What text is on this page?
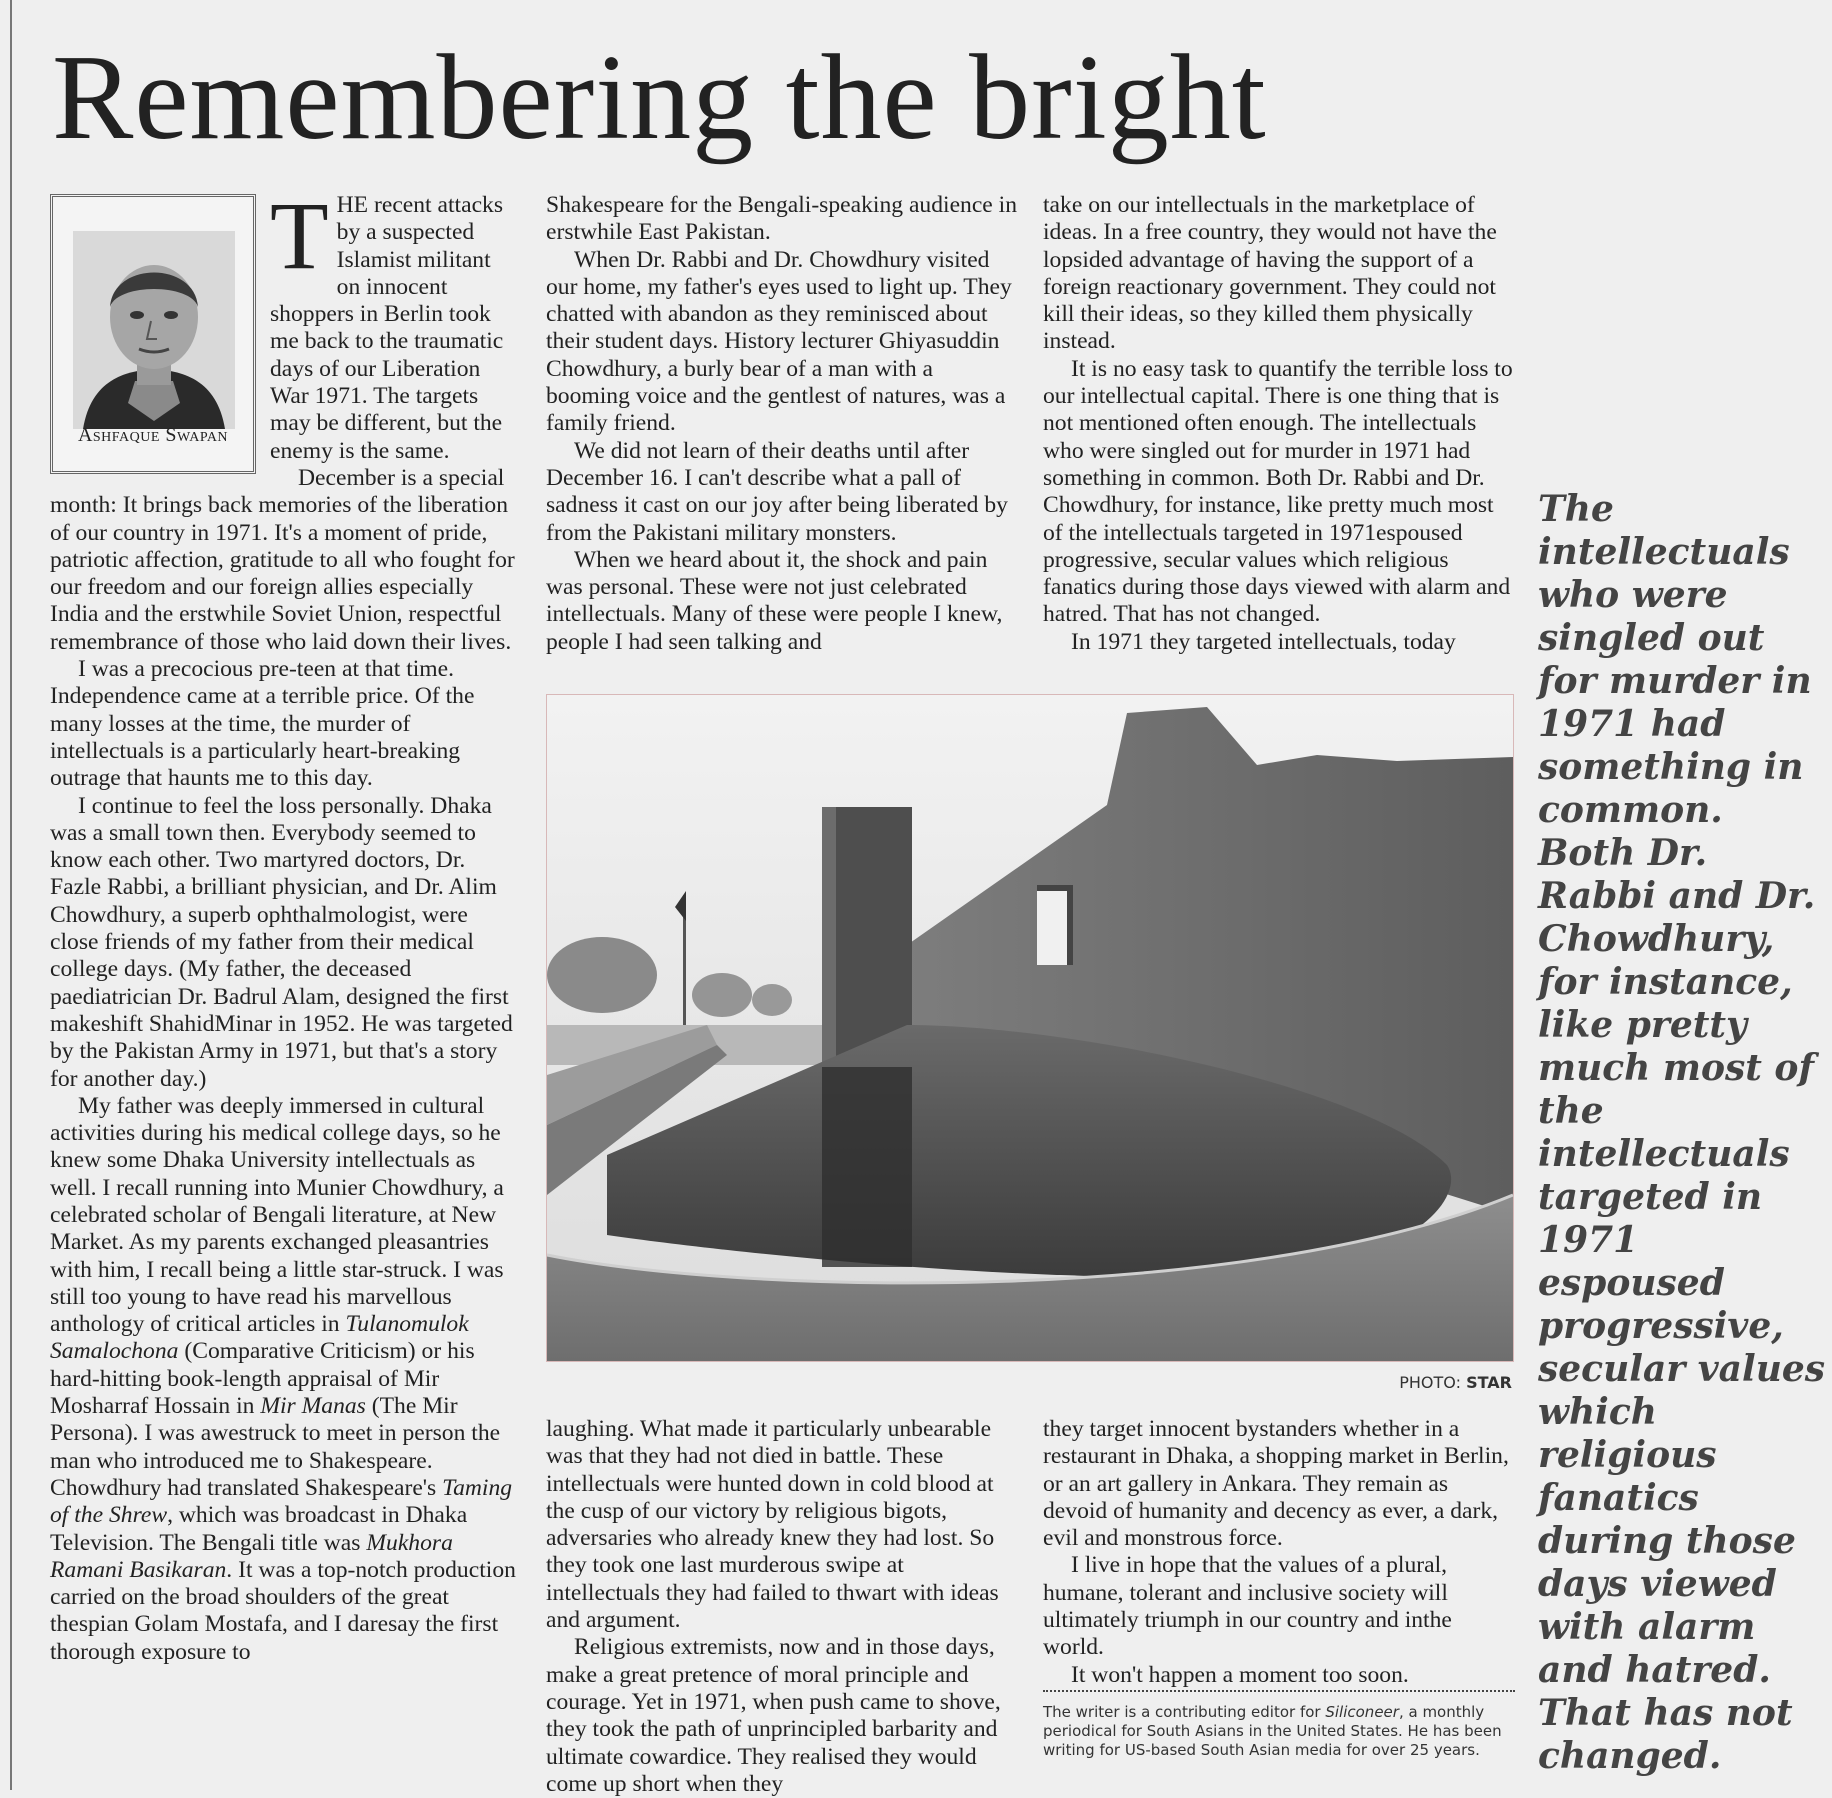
Remembering the bright
Ashfaque Swapan

THE recent attacks by a suspected Islamist militant on innocent shoppers in Berlin took me back to the traumatic days of our Liberation War 1971. The targets may be different, but the enemy is the same.

December is a special month: It brings back memories of the liberation of our country in 1971. It's a moment of pride, patriotic affection, gratitude to all who fought for our freedom and our foreign allies especially India and the erstwhile Soviet Union, respectful remembrance of those who laid down their lives.

I was a precocious pre-teen at that time. Independence came at a terrible price. Of the many losses at the time, the murder of intellectuals is a particularly heart-breaking outrage that haunts me to this day.

I continue to feel the loss personally. Dhaka was a small town then. Everybody seemed to know each other. Two martyred doctors, Dr. Fazle Rabbi, a brilliant physician, and Dr. Alim Chowdhury, a superb ophthalmologist, were close friends of my father from their medical college days. (My father, the deceased paediatrician Dr. Badrul Alam, designed the first makeshift ShahidMinar in 1952. He was targeted by the Pakistan Army in 1971, but that's a story for another day.)

My father was deeply immersed in cultural activities during his medical college days, so he knew some Dhaka University intellectuals as well. I recall running into Munier Chowdhury, a celebrated scholar of Bengali literature, at New Market. As my parents exchanged pleasantries with him, I recall being a little star-struck. I was still too young to have read his marvellous anthology of critical articles in Tulanomulok Samalochona (Comparative Criticism) or his hard-hitting book-length appraisal of Mir Mosharraf Hossain in Mir Manas (The Mir Persona). I was awestruck to meet in person the man who introduced me to Shakespeare. Chowdhury had translated Shakespeare's Taming of the Shrew, which was broadcast in Dhaka Television. The Bengali title was Mukhora Ramani Basikaran. It was a top-notch production carried on the broad shoulders of the great thespian Golam Mostafa, and I daresay the first thorough exposure to

Shakespeare for the Bengali-speaking audience in erstwhile East Pakistan.

When Dr. Rabbi and Dr. Chowdhury visited our home, my father's eyes used to light up. They chatted with abandon as they reminisced about their student days. History lecturer Ghiyasuddin Chowdhury, a burly bear of a man with a booming voice and the gentlest of natures, was a family friend.

We did not learn of their deaths until after December 16. I can't describe what a pall of sadness it cast on our joy after being liberated by from the Pakistani military monsters.

When we heard about it, the shock and pain was personal. These were not just celebrated intellectuals. Many of these were people I knew, people I had seen talking and

take on our intellectuals in the marketplace of ideas. In a free country, they would not have the lopsided advantage of having the support of a foreign reactionary government. They could not kill their ideas, so they killed them physically instead.

It is no easy task to quantify the terrible loss to our intellectual capital. There is one thing that is not mentioned often enough. The intellectuals who were singled out for murder in 1971 had something in common. Both Dr. Rabbi and Dr. Chowdhury, for instance, like pretty much most of the intellectuals targeted in 1971espoused progressive, secular values which religious fanatics during those days viewed with alarm and hatred. That has not changed.

In 1971 they targeted intellectuals, today

PHOTO: STAR

laughing. What made it particularly unbearable was that they had not died in battle. These intellectuals were hunted down in cold blood at the cusp of our victory by religious bigots, adversaries who already knew they had lost. So they took one last murderous swipe at intellectuals they had failed to thwart with ideas and argument.

Religious extremists, now and in those days, make a great pretence of moral principle and courage. Yet in 1971, when push came to shove, they took the path of unprincipled barbarity and ultimate cowardice. They realised they would come up short when they

they target innocent bystanders whether in a restaurant in Dhaka, a shopping market in Berlin, or an art gallery in Ankara. They remain as devoid of humanity and decency as ever, a dark, evil and monstrous force.

I live in hope that the values of a plural, humane, tolerant and inclusive society will ultimately triumph in our country and inthe world.

It won't happen a moment too soon.

The writer is a contributing editor for Siliconeer, a monthly periodical for South Asians in the United States. He has been writing for US-based South Asian media for over 25 years.
The intellectuals who were singled out for murder in 1971 had something in common. Both Dr. Rabbi and Dr. Chowdhury, for instance, like pretty much most of the intellectuals targeted in 1971 espoused progressive, secular values which religious fanatics during those days viewed with alarm and hatred. That has not changed.
